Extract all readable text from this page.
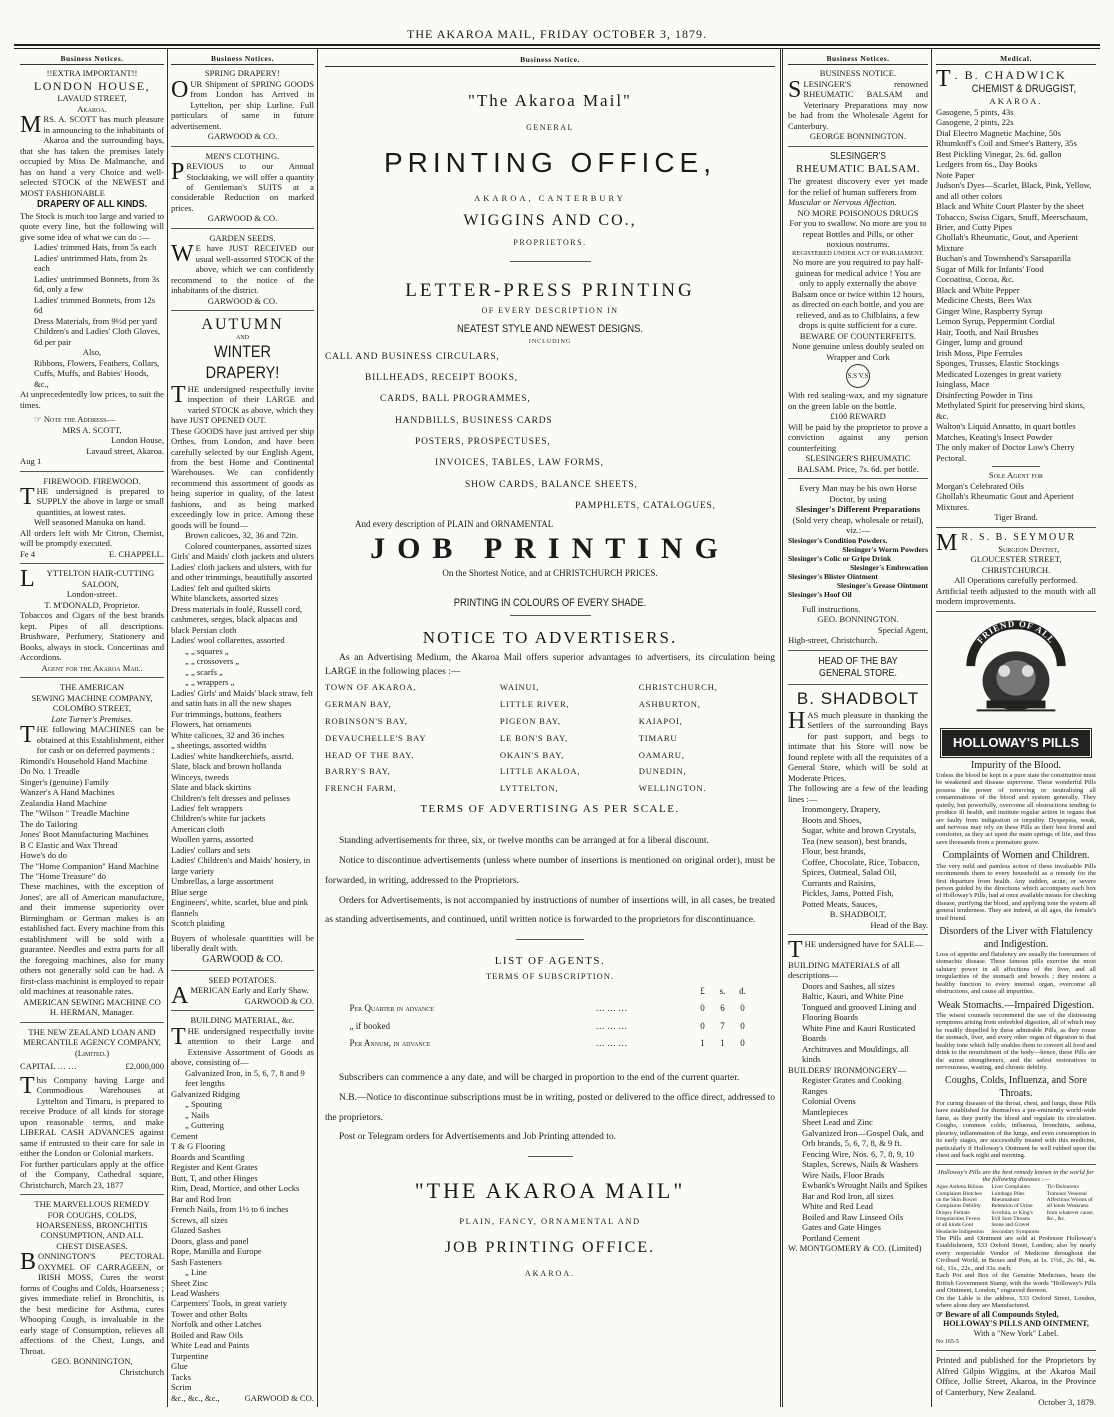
THE AKAROA MAIL, FRIDAY OCTOBER 3, 1879.
Business Notices.

!!EXTRA IMPORTANT!!

LONDON HOUSE,

LAVAUD STREET,

Akaroa.

MRS. A. SCOTT has much pleasure in announcing to the inhabitants of Akaroa and the surrounding bays, that she has taken the premises lately occupied by Miss De Malmanche, and has on hand a very Choice and well-selected STOCK of the NEWEST and MOST FASHIONABLE

DRAPERY OF ALL KINDS.

The Stock is much too large and varied to quote every line, but the following will give some idea of what we can do :—

Ladies' trimmed Hats, from 5s each

Ladies' untrimmed Hats, from 2s each

Ladies' untrimmed Bonnets, from 3s 6d, only a few

Ladies' trimmed Bonnets, from 12s 6d

Dress Materials, from 9½d per yard

Children's and Ladies' Cloth Gloves, 6d per pair

Also,

Ribbons, Flowers, Feathers, Collars, Cuffs, Muffs, and Babies' Hoods, &c.,

At unprecedentedly low prices, to suit the times.

☞ Note the Address—

MRS A. SCOTT,

London House,

Lavaud street, Akaroa.

Aug 1

FIREWOOD. FIREWOOD.

THE undersigned is prepared to SUPPLY the above in large or small quantities, at lowest rates.

Well seasoned Manuka on hand.

All orders left with Mr Citron, Chemist, will be promptly executed.

Fe 4	E. CHAPPELL.

L YTTELTON HAIR-CUTTING SALOON,

London-street.

T. M'DONALD, Proprietor.

Tobaccos and Cigars of the best brands kept. Pipes of all descriptions. Brushware, Perfumery, Stationery and Books, always in stock. Concertinas and Accordions.

Agent for the Akaroa Mail.

THE AMERICAN

SEWING MACHINE COMPANY,

COLOMBO STREET,

Late Turner's Premises.

THE following MACHINES can be obtained at this Establishment, either for cash or on deferred payments :

Rimondi's Household Hand Machine

Do No. 1 Treadle

Singer's (genuine) Family

Wanzer's A Hand Machines

Zealandia Hand Machine

The "Wilson " Treadle Machine

The do Tailoring

Jones' Boot Manufacturing Machines

B C Elastic and Wax Thread

Howe's do do

The "Home Companion" Hand Machine

The "Home Treasure" do

These machines, with the exception of Jones', are all of American manufacture, and their immense superiority over Birmingham or German makes is an established fact. Every machine from this establishment will be sold with a guarantee. Needles and extra parts for all the foregoing machines, also for many others not generally sold can be had. A first-class machinist is employed to repair old machines at reasonable rates.

AMERICAN SEWING MACHINE CO

H. HERMAN, Manager.

THE NEW ZEALAND LOAN AND

MERCANTILE AGENCY COMPANY,

(Limited.)

CAPITAL … …	£2,000,000

This Company having Large and Commodious Warehouses at Lyttelton and Timaru, is prepared to receive Produce of all kinds for storage upon reasonable terms, and make LIBERAL CASH ADVANCES against same if entrusted to their care for sale in either the London or Colonial markets.

For further particulars apply at the office of the Company, Cathedral square, Christchurch, March 23, 1877

THE MARVELLOUS REMEDY

FOR COUGHS, COLDS,

HOARSENESS, BRONCHITIS

CONSUMPTION, AND ALL

CHEST DISEASES.

BONNINGTON'S PECTORAL OXYMEL OF CARRAGEEN, or IRISH MOSS, Cures the worst forms of Coughs and Colds, Hoarseness ; gives immediate relief in Bronchitis, is the best medicine for Asthma, cures Whooping Cough, is invaluable in the early stage of Consumption, relieves all affections of the Chest, Lungs, and Throat.

GEO. BONNINGTON,

Christchurch

Business Notices.

SPRING DRAPERY!

OUR Shipment of SPRING GOODS from London has Arrived in Lyttelton, per ship Lurline. Full particulars of same in future advertisement.

GARWOOD & CO.

MEN'S CLOTHING.

PREVIOUS to our Annual Stocktaking, we will offer a quantity of Gentleman's SUITS at a considerable Reduction on marked prices.

GARWOOD & CO.

GARDEN SEEDS.

W E have JUST RECEIVED our usual well-assorted STOCK of the above, which we can confidently recommend to the notice of the inhabitants of the district.

GARWOOD & CO.

AUTUMN

AND

WINTER DRAPERY!

THE undersigned respectfully invite inspection of their LARGE and varied STOCK as above, which they have JUST OPENED OUT.

These GOODS have just arrived per ship Orthes, from London, and have been carefully selected by our English Agent, from the best Home and Continental Warehouses. We can confidently recommend this assortment of goods as being superior in quality, of the latest fashions, and as being marked exceedingly low in price. Among these goods will be found—

Brown calicoes, 32, 36 and 72in.

Colored counterpanes, assorted sizes

Girls' and Maids' cloth jackets and ulsters

Ladies' cloth jackets and ulsters, with fur and other trimmings, beautifully assorted

Ladies' felt and quilted skirts

White blanckets, assorted sizes

Dress materials in foulé, Russell cord, cashmeres, serges, black alpacas and black Persian cloth

Ladies' wool collarettes, assorted

„ „ squares „

„ „ crossovers „

„ „ scarfs „

„ „ wrappers „

Ladies' Girls' and Maids' black straw, felt and satin hats in all the new shapes

Fur trimmings, buttons, feathers

Flowers, hat ornaments

White calicoes, 32 and 36 inches

„ sheetings, assorted widths

Ladies' white handkerchiefs, assrtd.

Slate, black and brown hollanda

Winceys, tweeds

Slate and black skirtins

Children's felt dresses and pelisses

Ladies' felt wrappers

Children's white fur jackets

American cloth

Woollen yarns, assorted

Ladies' collars and sets

Ladies' Children's and Maids' hosiery, in large variety

Umbrellas, a large assortment

Blue serge

Engineers', white, scarlet, blue and pink flannels

Scotch plaiding

Buyers of wholesale quantities will be liberally dealt with.

GARWOOD & CO.

SEED POTATOES.

AMERICAN Early and Early Shaw.

GARWOOD & CO.

BUILDING MATERIAL, &c.

THE undersigned respectfully invite attention to their Large and Extensive Assortment of Goods as above, consisting of—

Galvanized Iron, in 5, 6, 7, 8 and 9 feet lengths

Galvanized Ridging

„ Spouting

„ Nails

„ Guttering

Cement

T & G Flooring

Boards and Scantling

Register and Kent Grates

Butt, T, and other Hinges

Rim, Dead, Mortice, and other Locks

Bar and Rod Iron

French Nails, from 1½ to 6 inches

Screws, all sizes

Glazed Sashes

Doors, glass and panel

Rope, Manilla and Europe

Sash Fasteners

„ Line

Sheet Zinc

Lead Washers

Carpenters' Tools, in great variety

Tower and other Bolts

Norfolk and other Latches

Boiled and Raw Oils

White Lead and Paints

Turpentine

Glue

Tacks

Scrim

&c., &c., &c.,	GARWOOD & CO.

Business Notice.

"The Akaroa Mail"

GENERAL

PRINTING OFFICE,

AKAROA, CANTERBURY

WIGGINS AND CO.,

PROPRIETORS.

LETTER-PRESS PRINTING

OF EVERY DESCRIPTION IN

NEATEST STYLE AND NEWEST DESIGNS.

INCLUDING

CALL AND BUSINESS CIRCULARS,

BILLHEADS, RECEIPT BOOKS,

CARDS, BALL PROGRAMMES,

HANDBILLS, BUSINESS CARDS

POSTERS, PROSPECTUSES,

INVOICES, TABLES, LAW FORMS,

SHOW CARDS, BALANCE SHEETS,

PAMPHLETS, CATALOGUES,

And every description of PLAIN and ORNAMENTAL

JOB PRINTING

On the Shortest Notice, and at CHRISTCHURCH PRICES.

PRINTING IN COLOURS OF EVERY SHADE.

NOTICE TO ADVERTISERS.

As an Advertising Medium, the Akaroa Mail offers superior advantages to advertisers, its circulation being LARGE in the following places :—

TOWN OF AKAROA,	WAINUI,	CHRISTCHURCH,
GERMAN BAY,	LITTLE RIVER,	ASHBURTON,
ROBINSON'S BAY,	PIGEON BAY,	KAIAPOI,
DEVAUCHELLE'S BAY	LE BON'S BAY,	TIMARU
HEAD OF THE BAY,	OKAIN'S BAY,	OAMARU,
BARRY'S BAY,	LITTLE AKALOA,	DUNEDIN,
FRENCH FARM,	LYTTELTON,	WELLINGTON.

TERMS OF ADVERTISING AS PER SCALE.

Standing advertisements for three, six, or twelve months can be arranged at for a liberal discount.

Notice to discontinue advertisements (unless where number of insertions is mentioned on original order), must be forwarded, in writing, addressed to the Proprietors.

Orders for Advertisements, is not accompanied by instructions of number of insertions will, in all cases, be treated as standing advertisements, and continued, until written notice is forwarded to the proprietors for discontinuance.

LIST OF AGENTS.

TERMS OF SUBSCRIPTION.

		£	s.	d.
Per Quarter in advance	… … …	0	6	0
„ if booked	… … …	0	7	0
Per Annum, in advance	… … …	1	1	0

Subscribers can commence a any date, and will be charged in proportion to the end of the current quarter.

N.B.—Notice to discontinue subscriptions must be in writing, posted or delivered to the office direct, addressed to the proprietors.

Post or Telegram orders for Advertisements and Job Printing attended to.

"THE AKAROA MAIL"

PLAIN, FANCY, ORNAMENTAL AND

JOB PRINTING OFFICE.

AKAROA.

Business Notices.

BUSINESS NOTICE.

SLESINGER'S renowned RHEUMATIC BALSAM and Veterinary Preparations may now be had from the Wholesale Agent for Canterbury.

GEORGE BONNINGTON.

SLESINGER'S

RHEUMATIC BALSAM.

The greatest discovery ever yet made for the relief of human sufferers from

Muscular or Nervous Affection.

NO MORE POISONOUS DRUGS

For you to swallow. No more are you to repeat Bottles and Pills, or other noxious nostrums.

REGISTERED UNDER ACT OF PARLIAMENT.

No more are you required to pay half-guineas for medical advice ! You are only to apply externally the above Balsam once or twice within 12 hours, as directed on each bottle, and you are relieved, and as to Chilblains, a few drops is quite sufficient for a cure.

BEWARE OF COUNTERFEITS.

None genuine unless doubly sealed on Wrapper and Cork

S.S V.S

With red sealing-wax, and my signature on the green lable on the bottle.

£100 REWARD

Will be paid by the proprietor to prove a conviction against any person counterfeiting

SLESINGER'S RHEUMATIC BALSAM. Price, 7s. 6d. per bottle.

Every Man may be his own Horse Doctor, by using

Slesinger's Different Preparations

(Sold very cheap, wholesale or retail), viz.:—

Slesinger's Condition Powders.

Slesinger's Worm Powders

Slesinger's Colic or Gripe Drink

Slesinger's Embrocation

Slesinger's Blister Ointment

Slesinger's Grease Ointment

Slesinger's Hoof Oil

Full instructions.

GEO. BONNINGTON.

Special Agent,

High-street, Christchurch.

HEAD OF THE BAY GENERAL STORE.

B. SHADBOLT

HAS much pleasure in thanking the Settlers of the surrounding Bays for past support, and begs to intimate that his Store will now be found replete with all the requisites of a General Store, which will be sold at Moderate Prices.

The following are a few of the leading lines :—

Ironmongery, Drapery,

Boots and Shoes,

Sugar, white and brown Crystals,

Tea (new season), best brands,

Flour, best brands,

Coffee, Chocolate, Rice, Tobacco,

Spices, Oatmeal, Salad Oil,

Currants and Raisins,

Pickles, Jams, Potted Fish,

Potted Meats, Sauces,

B. SHADBOLT,

Head of the Bay.

THE undersigned have for SALE—

BUILDING MATERIALS of all descriptions—

Doors and Sashes, all sizes

Baltic, Kauri, and White Pine

Tongued and grooved Lining and Flooring Boards

White Pine and Kauri Rusticated Boards

Architraves and Mouldings, all kinds

BUILDERS' IRONMONGERY—

Register Grates and Cooking Ranges

Colonial Ovens

Mantlepieces

Sheet Lead and Zinc

Galvanized Iron—Gospel Oak, and Orb brands, 5, 6, 7, 8, & 9 ft.

Fencing Wire, Nos. 6, 7, 8, 9, 10

Staples, Screws, Nails & Washers

Wire Nails, Floor Brads

Ewbank's Wrought Nails and Spikes

Bar and Rod Iron, all sizes

White and Red Lead

Boiled and Raw Linseed Oils

Gates and Gate Hinges

Portland Cement

W. MONTGOMERY & CO. (Limited)

Medical.

T . B. CHADWICK

CHEMIST & DRUGGIST,

AKAROA.

Gasogene, 5 pints, 43s

Gasogene, 2 pints, 22s

Dial Electro Magnetic Machine, 50s

Rhumkoff's Coil and Smee's Battery, 35s

Best Pickling Vinegar, 2s. 6d. gallon

Ledgers from 6s., Day Books

Note Paper

Judson's Dyes—Scarlet, Black, Pink, Yellow, and all other colors

Black and White Court Plaster by the sheet

Tobacco, Swiss Cigars, Snuff, Meerschaum, Brier, and Cutty Pipes

Ghollah's Rheumatic, Gout, and Aperient Mixture

Buchan's and Townshend's Sarsaparilla

Sugar of Milk for Infants' Food

Cocoatina, Cocoa, &c.

Black and White Pepper

Medicine Chests, Bees Wax

Ginger Wine, Raspberry Syrup

Lemon Syrup, Peppermint Cordial

Hair, Tooth, and Nail Brushes

Ginger, lump and ground

Irish Moss, Pipe Ferrules

Sponges, Trusses, Elastic Stockings

Medicated Lozenges in great variety

Isinglass, Mace

Disinfecting Powder in Tins

Methylated Spirit for preserving bird skins, &c.

Walton's Liquid Annatto, in quart bottles

Matches, Keating's Insect Powder

The only maker of Doctor Low's Cherry Pectoral.

Sole Agent for

Morgan's Celebrated Oils

Ghollah's Rheumatic Gout and Aperient Mixtures.

Tiger Brand.

M R. S. B. SEYMOUR

Surgeon Dentist,

GLOUCESTER STREET,

CHRISTCHURCH.

All Operations carefully performed.

Artificial teeth adjusted to the mouth with all modern improvements.

FRIEND OF ALL
HOLLOWAY'S PILLS

Impurity of the Blood.

Unless the blood be kept in a pure state the constitution must be weakened and disease supervene. These wonderful Pills possess the power of removing or neutralising all contaminations of the blood and system generally. They quietly, but powerfully, overcome all obstructions tending to produce ill health, and institute regular action in organs that are faulty from indigestion or torpidity. Dyspepsia, weak, and nervous may rely on these Pills as their best friend and comforter, as they act upon the main springs of life, and thus save thousands from a premature grave.

Complaints of Women and Children.

The very mild and painless action of these invaluable Pills recommends them to every household as a remedy for the first departure from health. Any sudden, acute, or severe person guided by the directions which accompany each box of Holloway's Pills, had at once available means for checking disease, purifying the blood, and applying tone the system all general tenderness. They are indeed, at all ages, the female's tried friend.

Disorders of the Liver with Flatulency and Indigestion.

Loss of appetite and flatulency are usually the forerunners of stomachic disease. These famous pills exercise the most salutary power in all affections of the liver, and all irregularities of the stomach and bowels ; they restore a healthy function to every internal organ, overcome all obstructions, and cause all impurities.

Weak Stomachs.—Impaired Digestion.

The wisest counsels recommend the use of the distressing symptoms arising from enfeebled digestion, all of which may be readily dispelled by these admirable Pills, as they rouse the stomach, liver, and every other organ of digestion to that healthy tone which fully enables them to convert all food and drink to the nourishment of the body—hence, these Pills are the surest strengtheners, and the safest restoratives in nervousness, wasting, and chronic debility.

Coughs, Colds, Influenza, and Sore Throats.

For curing diseases of the throat, chest, and lungs, these Pills have established for themselves a pre-eminently world-wide fame, as they purify the blood and regulate its circulation. Coughs, common colds, influenza, bronchitis, asthma, pleurisy, inflammation of the lungs, and even consumption in its early stages, are successfully treated with this medicine, particularly if Holloway's Ointment be well rubbed upon the chest and back night and morning.

Holloway's Pills are the best remedy known in the world for the following diseases :—

Ague Asthma Bilious Complaints Blotches on the Skin Bowel Complaints Debility Dropsy Female Irregularities Fevers of all kinds Gout Headache Indigestion Liver Complaints Lumbago Piles Rheumatism Retention of Urine Scrofula, or King's Evil Sore Throats Stone and Gravel Secondary Symptoms Tic-Doloureux Tumours Venereal Affections Worms of all kinds Weakness from whatever cause, &c., &c.

The Pills and Ointment are sold at Professor Holloway's Establishment, 533 Oxford Street, London, also by nearly every respectable Vendor of Medicine throughout the Civilised World, in Boxes and Pots, at 1s. 1½d., 2s. 9d., 4s. 6d., 11s., 22s., and 33s. each.

Each Pot and Box of the Genuine Medicines, bears the British Government Stamp, with the words "Holloway's Pills and Ointment, London," engraved thereon.

On the Lable is the address, 533 Oxford Street, London, where alone they are Manufactured.

☞ Beware of all Compounds Styled,

HOLLOWAY'S PILLS AND OINTMENT,

With a "New York" Label.

No 165-5

Printed and published for the Proprietors by Alfred Gilpin Wiggins, at the Akaroa Mail Office, Jollie Street, Akaroa, in the Province of Canterbury, New Zealand.

October 3, 1879.
